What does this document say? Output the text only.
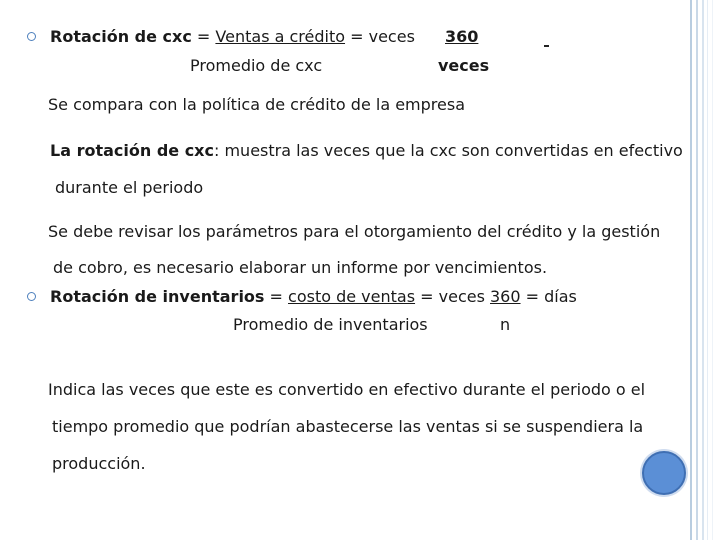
Rotación de cxc = Ventas a crédito = veces 360
Promedio de cxc	veces
Se compara con la política de crédito de la empresa
La rotación de cxc: muestra las veces que la cxc son convertidas en efectivo
durante el periodo
Se debe revisar los parámetros para el otorgamiento del crédito y la gestión
de cobro, es necesario elaborar un informe por vencimientos.
Rotación de inventarios = costo de ventas = veces 360 = días
Promedio de inventarios	n
Indica las veces que este es convertido en efectivo durante el periodo o el
tiempo promedio que podrían abastecerse las ventas si se suspendiera la
producción.
